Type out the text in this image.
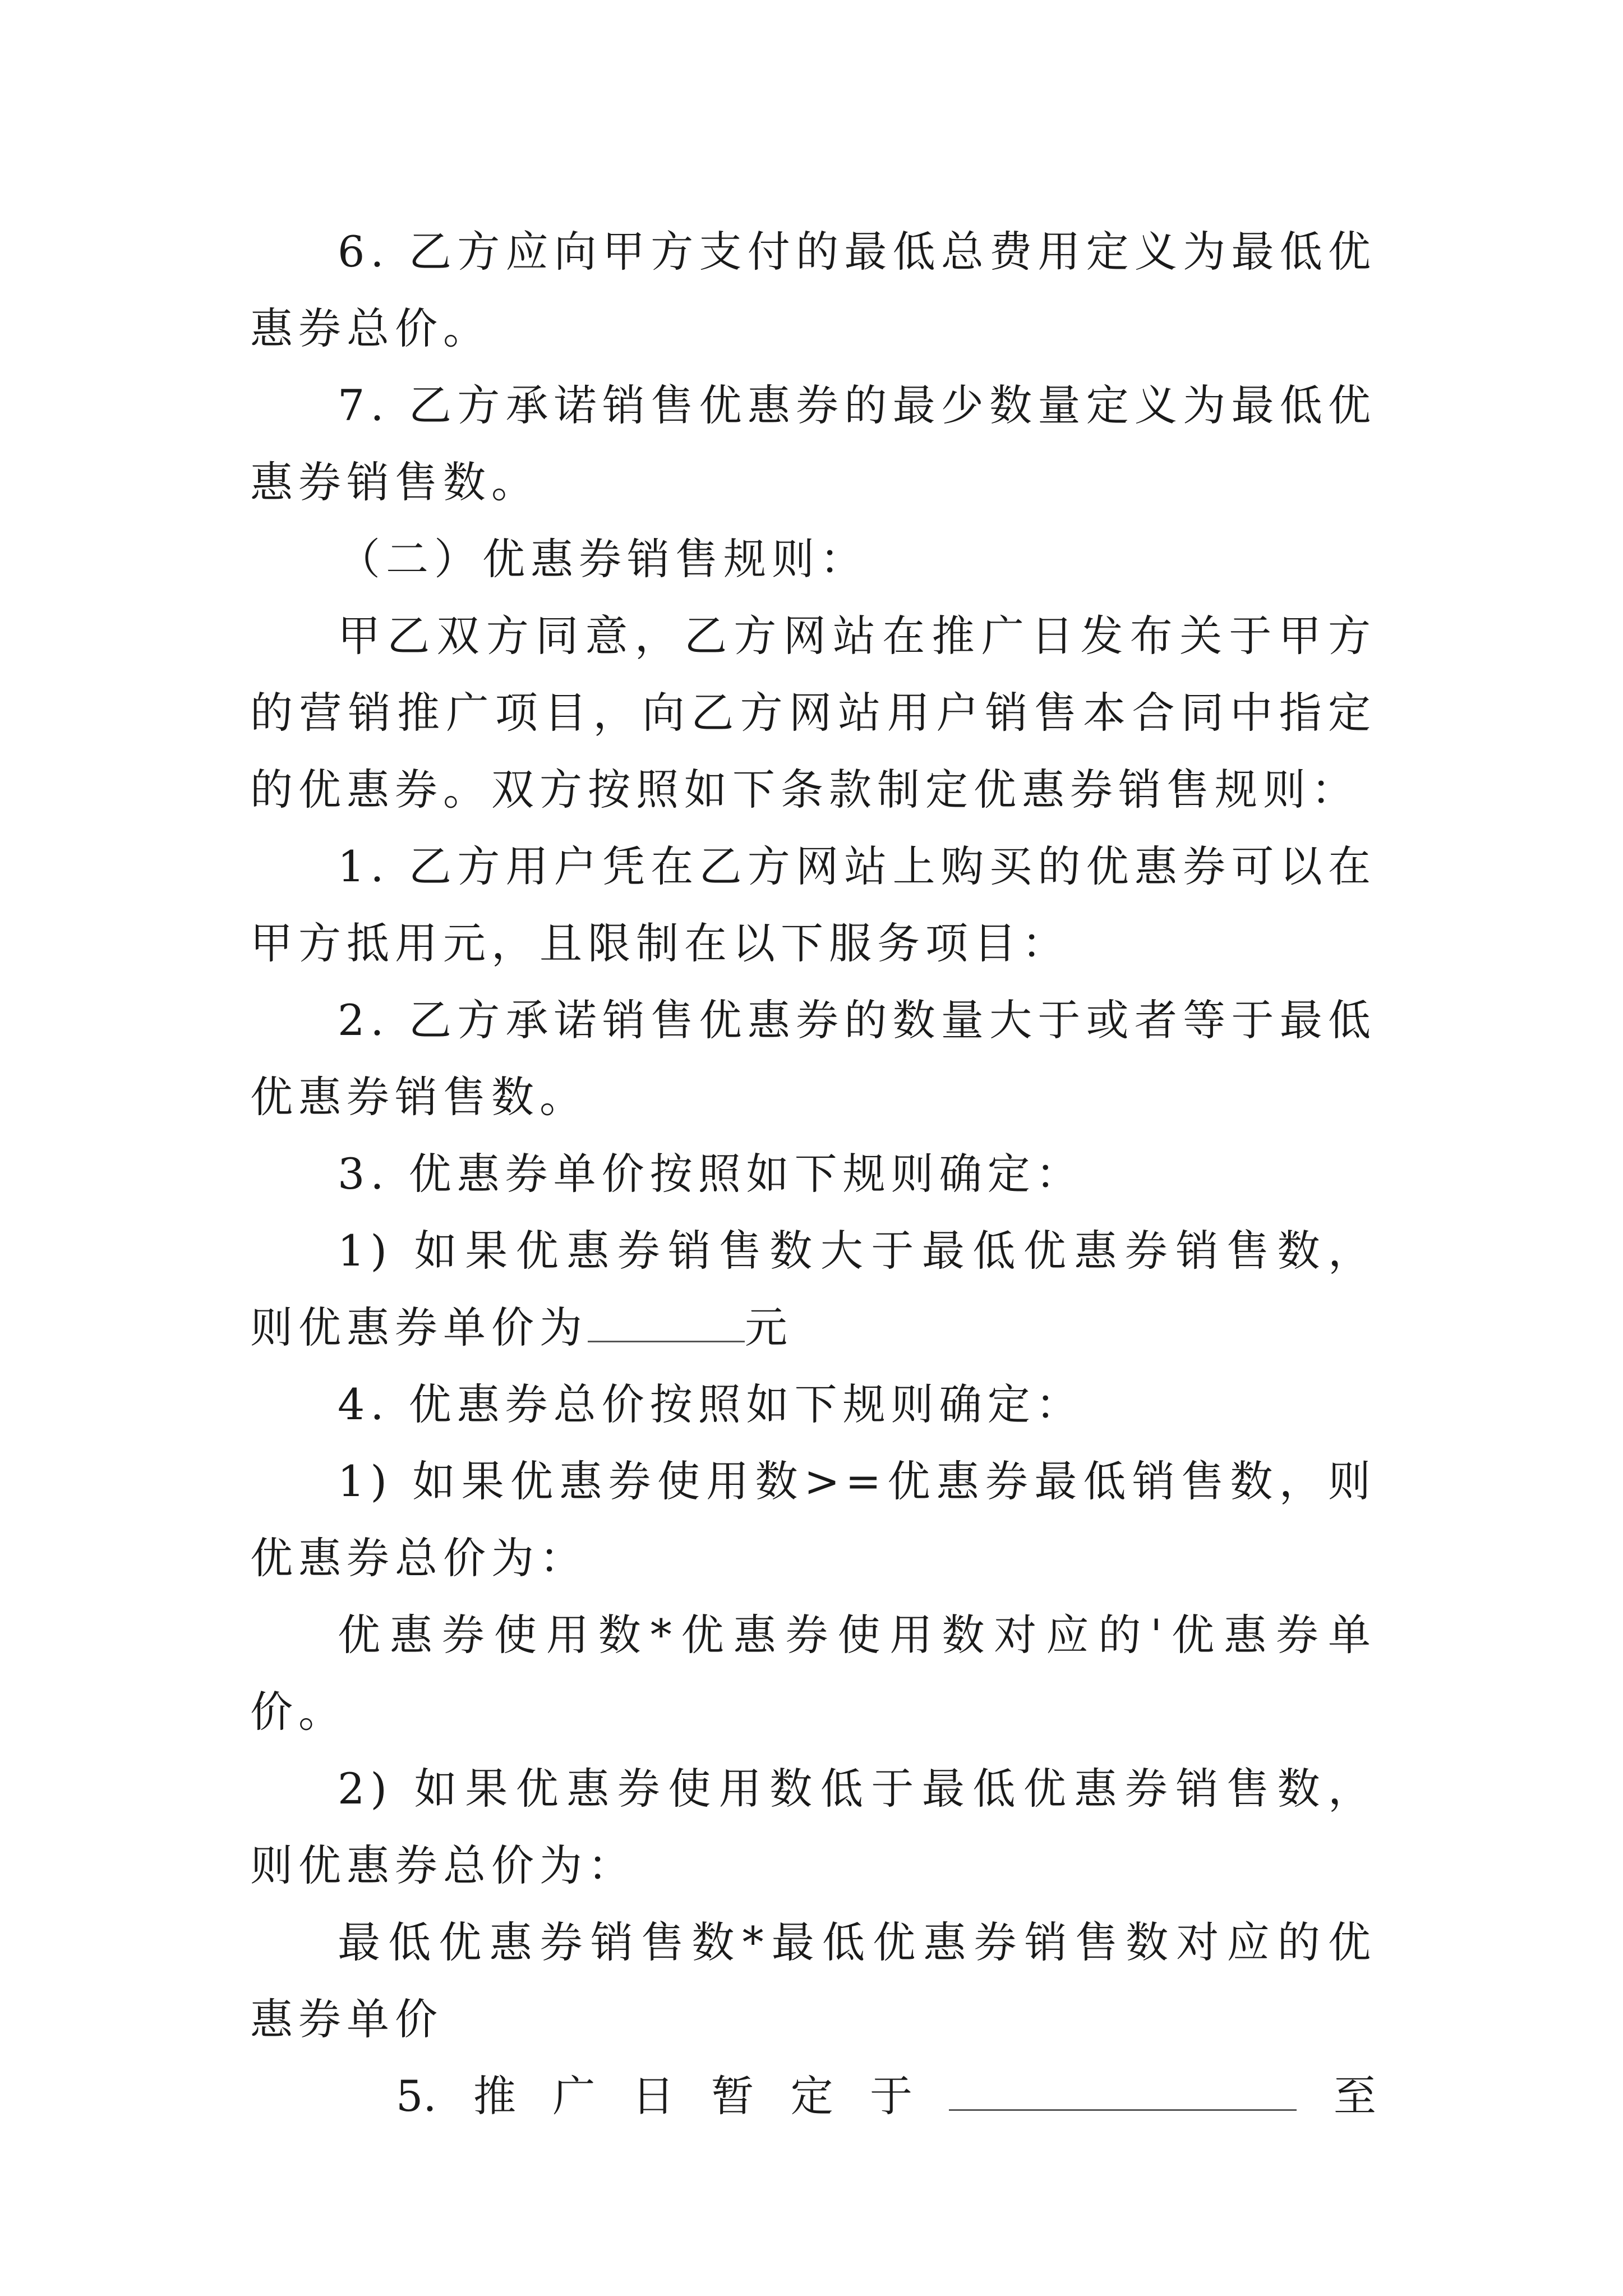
6. 乙方应向甲方支付的最低总费用定义为最低优惠券总价。

7. 乙方承诺销售优惠券的最少数量定义为最低优惠券销售数。

（二）优惠券销售规则：

甲乙双方同意，乙方网站在推广日发布关于甲方的营销推广项目，向乙方网站用户销售本合同中指定的优惠券。双方按照如下条款制定优惠券销售规则：

1. 乙方用户凭在乙方网站上购买的优惠券可以在甲方抵用元，且限制在以下服务项目：

2. 乙方承诺销售优惠券的数量大于或者等于最低优惠券销售数。

3. 优惠券单价按照如下规则确定：

1) 如果优惠券销售数大于最低优惠券销售数，则优惠券单价为	元

4. 优惠券总价按照如下规则确定：

1) 如果优惠券使用数>=优惠券最低销售数，则优惠券总价为：

优惠券使用数*优惠券使用数对应的'优惠券单价。

2) 如果优惠券使用数低于最低优惠券销售数，则优惠券总价为：

最低优惠券销售数*最低优惠券销售数对应的优惠券单价

5. 推 广 日 暂 定 于	至
